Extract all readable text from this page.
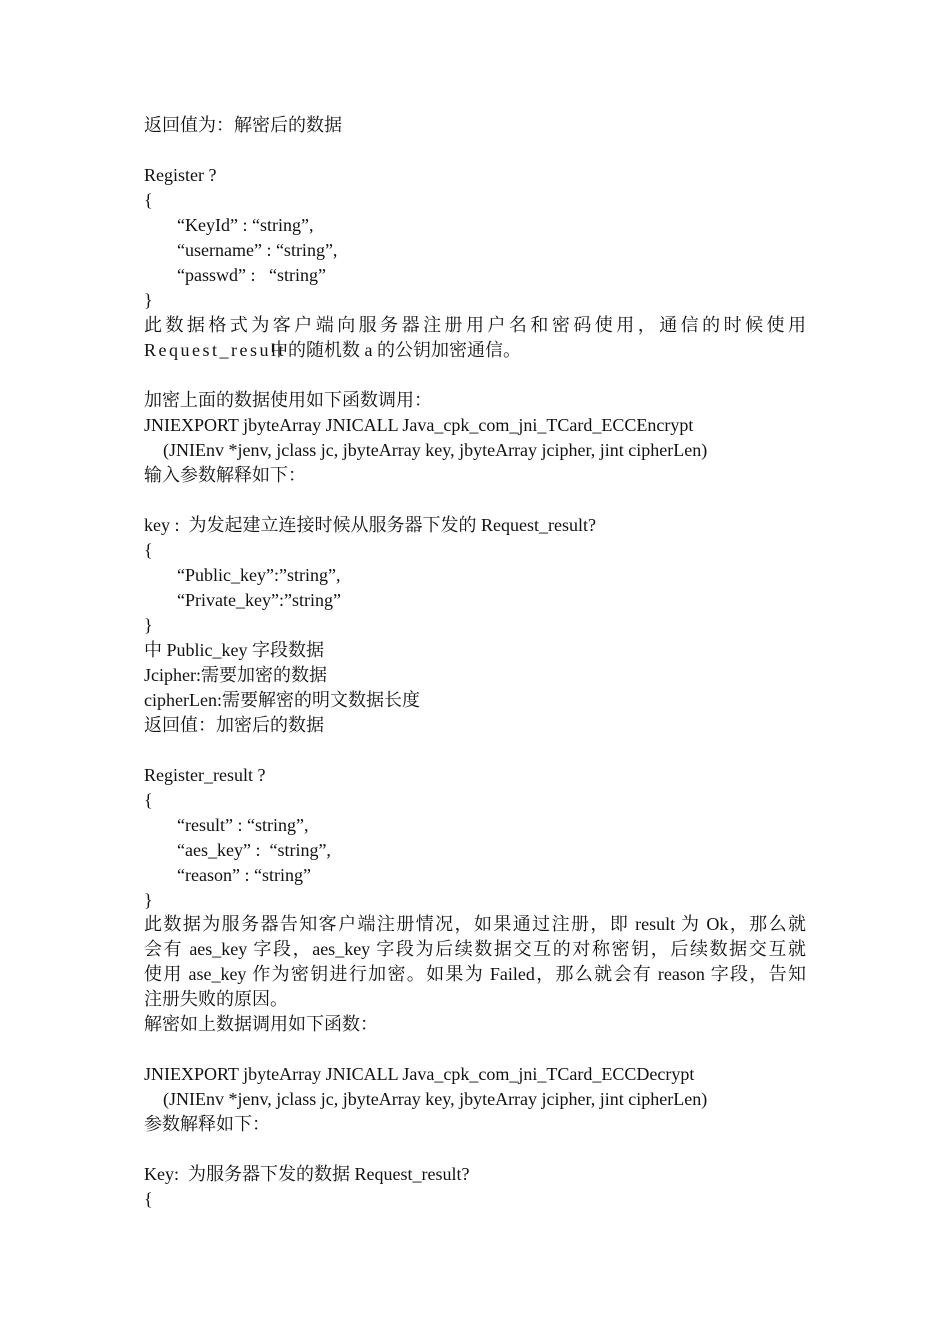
返回值为：解密后的数据
Register ?
{
“KeyId” : “string”,
“username” : “string”,
“passwd” :   “string”
}
此数据格式为客户端向服务器注册用户名和密码使用，通信的时候使用
Request_result
中的随机数 a 的公钥加密通信。
加密上面的数据使用如下函数调用：
JNIEXPORT jbyteArray JNICALL Java_cpk_com_jni_TCard_ECCEncrypt
(JNIEnv *jenv, jclass jc, jbyteArray key, jbyteArray jcipher, jint cipherLen)
输入参数解释如下：
key :  为发起建立连接时候从服务器下发的 Request_result?
{
“Public_key”:”string”,
“Private_key”:”string”
}
中 Public_key 字段数据
Jcipher:需要加密的数据
cipherLen:需要解密的明文数据长度
返回值：加密后的数据
Register_result ?
{
“result” : “string”,
“aes_key” :  “string”,
“reason” : “string”
}
此数据为服务器告知客户端注册情况，如果通过注册，即 result 为 Ok，那么就
会有 aes_key 字段，aes_key 字段为后续数据交互的对称密钥，后续数据交互就
使用 ase_key 作为密钥进行加密。如果为 Failed，那么就会有 reason 字段，告知
注册失败的原因。
解密如上数据调用如下函数：
JNIEXPORT jbyteArray JNICALL Java_cpk_com_jni_TCard_ECCDecrypt
(JNIEnv *jenv, jclass jc, jbyteArray key, jbyteArray jcipher, jint cipherLen)
参数解释如下：
Key:  为服务器下发的数据 Request_result?
{
